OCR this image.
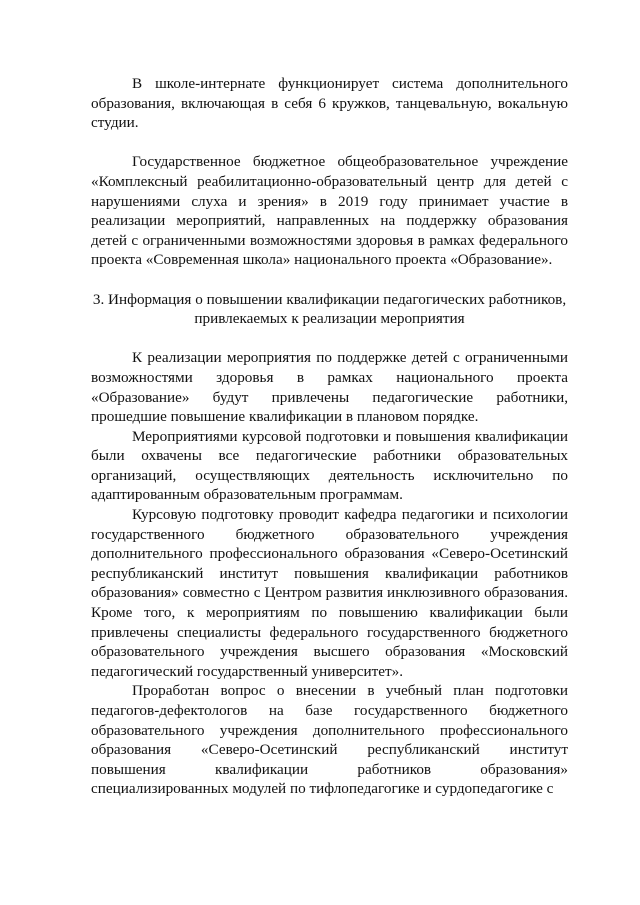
В школе-интернате функционирует система дополнительного образования, включающая в себя 6 кружков, танцевальную, вокальную студии.

Государственное бюджетное общеобразовательное учреждение «Комплексный реабилитационно-образовательный центр для детей с нарушениями слуха и зрения» в 2019 году принимает участие в реализации мероприятий, направленных на поддержку образования детей с ограниченными возможностями здоровья в рамках федерального проекта «Современная школа» национального проекта «Образование».

3. Информация о повышении квалификации педагогических работников, привлекаемых к реализации мероприятия

К реализации мероприятия по поддержке детей с ограниченными возможностями здоровья в рамках национального проекта «Образование» будут привлечены педагогические работники, прошедшие повышение квалификации в плановом порядке.

Мероприятиями курсовой подготовки и повышения квалификации были охвачены все педагогические работники образовательных организаций, осуществляющих деятельность исключительно по адаптированным образовательным программам.

Курсовую подготовку проводит кафедра педагогики и психологии государственного бюджетного образовательного учреждения дополнительного профессионального образования «Северо-Осетинский республиканский институт повышения квалификации работников образования» совместно с Центром развития инклюзивного образования. Кроме того, к мероприятиям по повышению квалификации были привлечены специалисты федерального государственного бюджетного образовательного учреждения высшего образования «Московский педагогический государственный университет».

Проработан вопрос о внесении в учебный план подготовки педагогов-дефектологов на базе государственного бюджетного образовательного учреждения дополнительного профессионального образования «Северо-Осетинский республиканский институт повышения квалификации работников образования» специализированных модулей по тифлопедагогике и сурдопедагогике с
